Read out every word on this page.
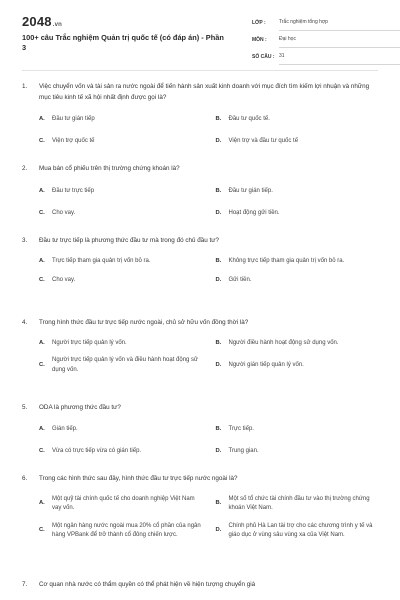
2048.vn
100+ câu Trắc nghiệm Quản trị quốc tế (có đáp án) - Phần 3
LỚP :	Trắc nghiệm tổng hợp
MÔN :	Đại học
SỐ CÂU : 31
1.	Việc chuyển vốn và tài sản ra nước ngoài để tiến hành sản xuất kinh doanh với mục đích tìm kiếm lợi nhuận và những mục tiêu kinh tế xã hội nhất định được gọi là?
A.	Đầu tư gián tiếp	B.	Đầu tư quốc tế.
C.	Viện trợ quốc tế	D.	Viện trợ và đầu tư quốc tế
2.	Mua bán cổ phiếu trên thị trường chứng khoán là?
A.	Đầu tư trực tiếp	B.	Đầu tư gián tiếp.
C.	Cho vay.	D.	Hoạt động gửi tiền.
3.	Đầu tư trực tiếp là phương thức đầu tư mà trong đó chủ đầu tư?
A.	Trực tiếp tham gia quản trị vốn bỏ ra.	B.	Không trực tiếp tham gia quản trị vốn bỏ ra.
C.	Cho vay.	D.	Gửi tiền.
4.	Trong hình thức đầu tư trực tiếp nước ngoài, chủ sở hữu vốn đồng thời là?
A.	Người trực tiếp quản lý vốn.	B.	Người điều hành hoạt động sử dụng vốn.
C.
Người trực tiếp quản lý vốn và điều hành hoạt động sử dụng vốn.
D.	Người gián tiếp quản lý vốn.
5.	ODA là phương thức đầu tư?
A.	Gián tiếp.	B.	Trực tiếp.
C.	Vừa có trực tiếp vừa có gián tiếp.	D.	Trung gian.
6.	Trong các hình thức sau đây, hình thức đầu tư trực tiếp nước ngoài là?
A.
Một quỹ tài chính quốc tế cho doanh nghiệp Việt Nam vay vốn.
B.
Một số tổ chức tài chính đầu tư vào thị trường chứng khoán Việt Nam.
C.
Một ngân hàng nước ngoài mua 20% cổ phần của ngân hàng VPBank để trở thành cổ đông chiến lược.
D.
Chính phủ Hà Lan tài trợ cho các chương trình y tế và giáo dục ở vùng sâu vùng xa của Việt Nam.
7.	Cơ quan nhà nước có thẩm quyền có thể phát hiện về hiện tượng chuyển giá
